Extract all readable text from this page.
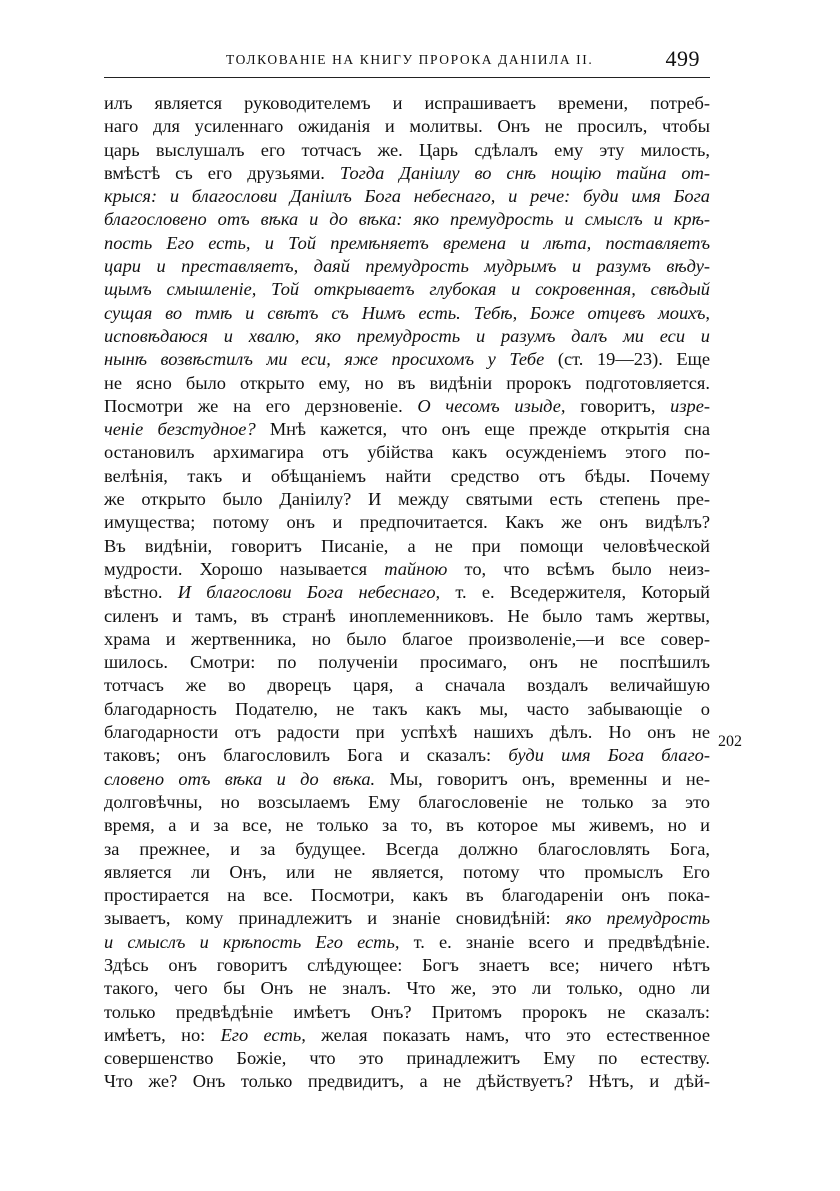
ТОЛКОВАНІЕ НА КНИГУ ПРОРОКА ДАНІИЛА II.	499
илъ является руководителемъ и испрашиваетъ времени, потреб-
наго для усиленнаго ожиданія и молитвы. Онъ не просилъ, чтобы
царь выслушалъ его тотчасъ же. Царь сдѣлалъ ему эту милость,
вмѣстѣ съ его друзьями. Тогда Даніилу во снѣ нощію тайна от-
крыся: и благослови Даніилъ Бога небеснаго, и рече: буди имя Бога
благословено отъ вѣка и до вѣка: яко премудрость и смыслъ и крѣ-
пость Его есть, и Той премѣняетъ времена и лѣта, поставляетъ
цари и преставляетъ, даяй премудрость мудрымъ и разумъ вѣду-
щымъ смышленіе, Той открываетъ глубокая и сокровенная, свѣдый
сущая во тмѣ и свѣтъ съ Нимъ есть. Тебѣ, Боже отцевъ моихъ,
исповѣдаюся и хвалю, яко премудрость и разумъ далъ ми еси и
нынѣ возвѣстилъ ми еси, яже просихомъ у Тебе (ст. 19—23). Еще
не ясно было открыто ему, но въ видѣніи пророкъ подготовляется.
Посмотри же на его дерзновеніе. О чесомъ изыде, говоритъ, изре-
ченіе безстудное? Мнѣ кажется, что онъ еще прежде открытія сна
остановилъ архимагира отъ убійства какъ осужденіемъ этого по-
велѣнія, такъ и обѣщаніемъ найти средство отъ бѣды. Почему
же открыто было Даніилу? И между святыми есть степень пре-
имущества; потому онъ и предпочитается. Какъ же онъ видѣлъ?
Въ видѣніи, говоритъ Писаніе, а не при помощи человѣческой
мудрости. Хорошо называется тайною то, что всѣмъ было неиз-
вѣстно. И благослови Бога небеснаго, т. е. Вседержителя, Который
силенъ и тамъ, въ странѣ иноплеменниковъ. Не было тамъ жертвы,
храма и жертвенника, но было благое произволеніе,—и все совер-
шилось. Смотри: по полученіи просимаго, онъ не поспѣшилъ
тотчасъ же во дворецъ царя, а сначала воздалъ величайшую
благодарность Подателю, не такъ какъ мы, часто забывающіе о
благодарности отъ радости при успѣхѣ нашихъ дѣлъ. Но онъ не
таковъ; онъ благословилъ Бога и сказалъ: буди имя Бога благо-
словено отъ вѣка и до вѣка. Мы, говоритъ онъ, временны и не-
долговѣчны, но возсылаемъ Ему благословеніе не только за это
время, а и за все, не только за то, въ которое мы живемъ, но и
за прежнее, и за будущее. Всегда должно благословлять Бога,
является ли Онъ, или не является, потому что промыслъ Его
простирается на все. Посмотри, какъ въ благодареніи онъ пока-
зываетъ, кому принадлежитъ и знаніе сновидѣній: яко премудрость
и смыслъ и крѣпость Его есть, т. е. знаніе всего и предвѣдѣніе.
Здѣсь онъ говоритъ слѣдующее: Богъ знаетъ все; ничего нѣтъ
такого, чего бы Онъ не зналъ. Что же, это ли только, одно ли
только предвѣдѣніе имѣетъ Онъ? Притомъ пророкъ не сказалъ:
имѣетъ, но: Его есть, желая показать намъ, что это естественное
совершенство Божіе, что это принадлежитъ Ему по естеству.
Что же? Онъ только предвидитъ, а не дѣйствуетъ? Нѣтъ, и дѣй-
202
